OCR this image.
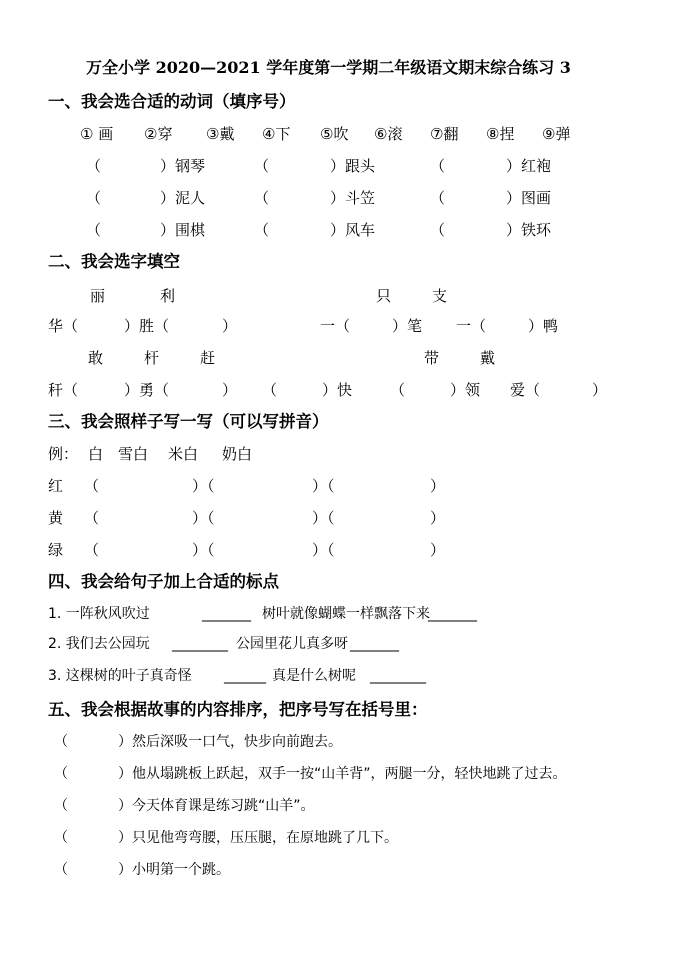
万全小学 2020—2021 学年度第一学期二年级语文期末综合练习 3
一、我会选合适的动词（填序号）
① 画 ②穿 ③戴 ④下 ⑤吹 ⑥滚 ⑦翻 ⑧捏 ⑨弹
（	）钢琴	（	）跟头	（	）红袍
（	）泥人	（	）斗笠	（	）图画
（	）围棋	（	）风车	（	）铁环
二、我会选字填空
丽	利	只	支
华（	）胜（	）	一（	）笔 一（	）鸭
敢	杆	赶	带	戴
秆（	）勇（	） （	）快	（	）领 爱（	）
三、我会照样子写一写（可以写拼音）
例： 白 雪白 米白 奶白
红 （	）（	）（	）
黄 （	）（	）（	）
绿 （	）（	）（	）
四、我会给句子加上合适的标点
1. 一阵秋风吹过	_______ 树叶就像蝴蝶一样飘落下来
_______
2. 我们去公园玩 ________ 公园里花儿真多呀 _______
3. 这棵树的叶子真奇怪 ______ 真是什么树呢 ________
五、我会根据故事的内容排序，把序号写在括号里：
（	）然后深吸一口气，快步向前跑去。
（	）他从塌跳板上跃起，双手一按“山羊背”，两腿一分，轻快地跳了过去。
（	）今天体育课是练习跳“山羊”。
（	）只见他弯弯腰，压压腿，在原地跳了几下。
（	）小明第一个跳。
